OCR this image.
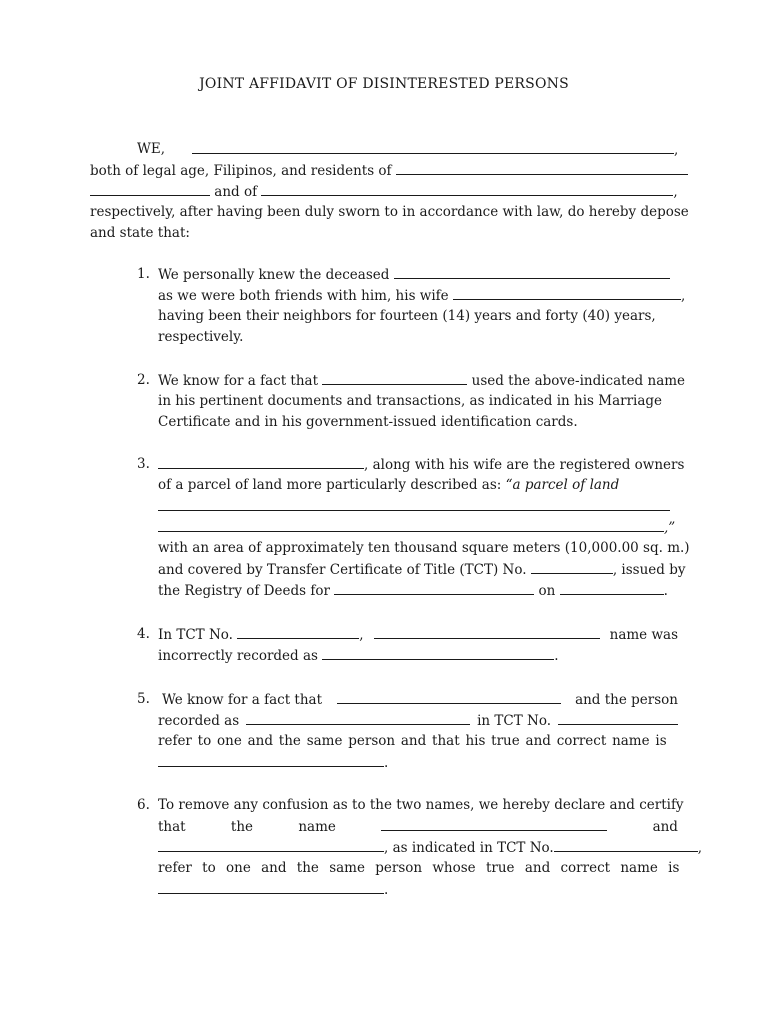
JOINT AFFIDAVIT OF DISINTERESTED PERSONS
WE,	,
both of legal age, Filipinos, and residents of
and of	,
respectively, after having been duly sworn to in accordance with law, do hereby depose
and state that:
1. We personally knew the deceased
as we were both friends with him, his wife	,
having been their neighbors for fourteen (14) years and forty (40) years,
respectively.
2. We know for a fact that	used the above-indicated name
in his pertinent documents and transactions, as indicated in his Marriage
Certificate and in his government-issued identification cards.
3.	, along with his wife are the registered owners
of a parcel of land more particularly described as: “a parcel of land
,”
with an area of approximately ten thousand square meters (10,000.00 sq. m.)
and covered by Transfer Certificate of Title (TCT) No.	, issued by
the Registry of Deeds for	on	.
4. In TCT No.	,	name was
incorrectly recorded as	.
5. We know for a fact that	and the person
recorded as	in TCT No.
refer to one and the same person and that his true and correct name is
.
6. To remove any confusion as to the two names, we hereby declare and certify
that	the	name	and
, as indicated in TCT No.	,
refer to one and the same person whose true and correct name is
.
